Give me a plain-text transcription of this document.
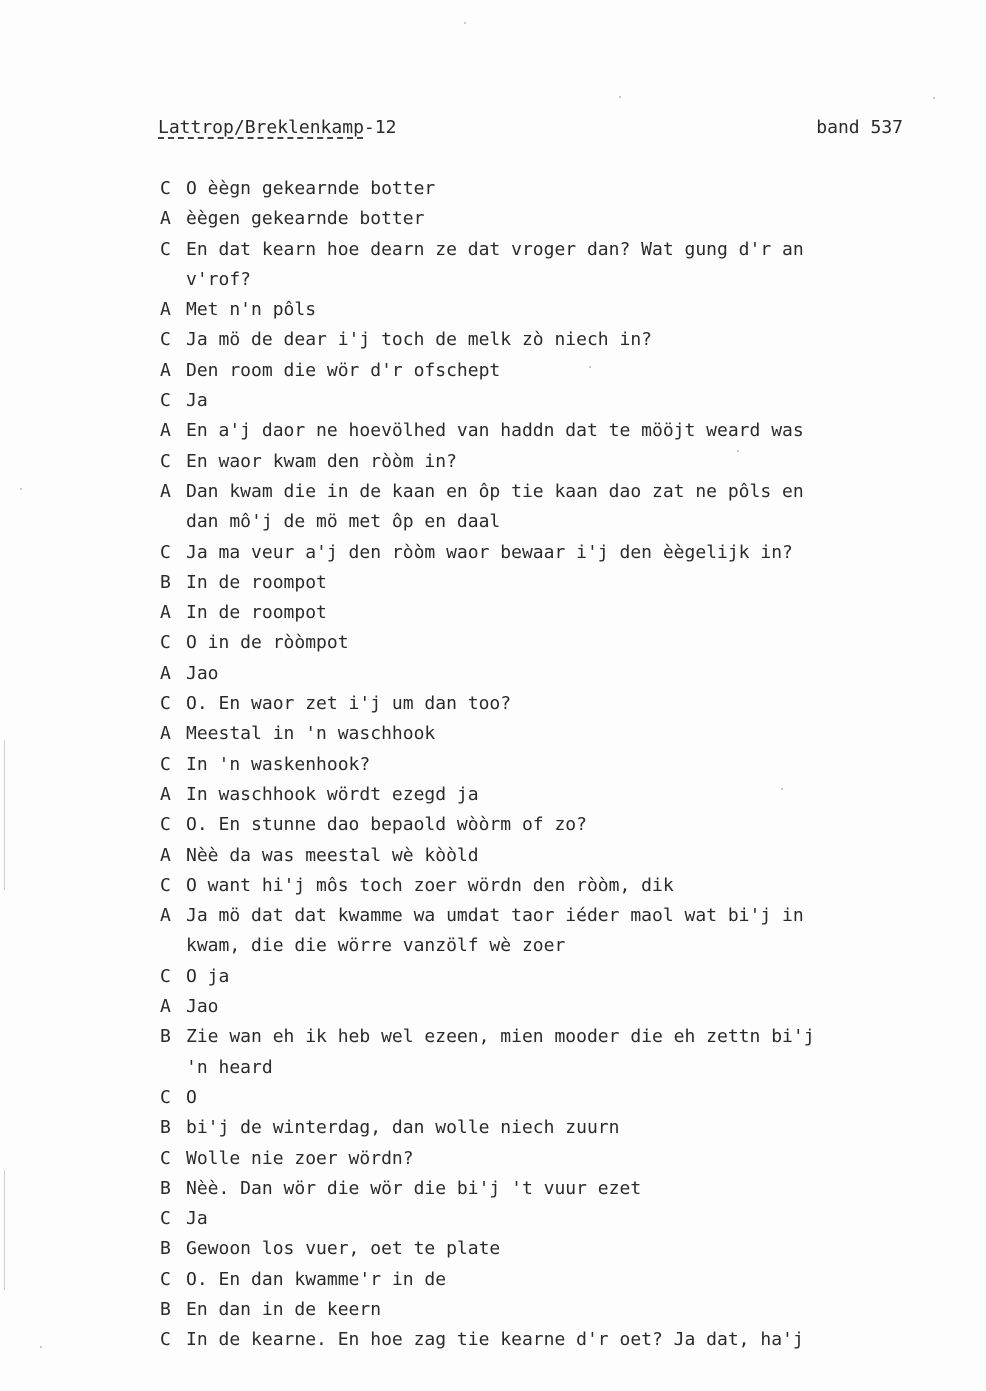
Lattrop/Breklenkamp-12	band 537
C O èègn gekearnde botter
A èègen gekearnde botter
C En dat kearn hoe dearn ze dat vroger dan? Wat gung d'r an
v'rof?
A Met n'n pôls
C Ja mö de dear i'j toch de melk zò niech in?
A Den room die wör d'r ofschept
C Ja
A En a'j daor ne hoevölhed van haddn dat te mööjt weard was
C En waor kwam den ròòm in?
A Dan kwam die in de kaan en ôp tie kaan dao zat ne pôls en
dan mô'j de mö met ôp en daal
C Ja ma veur a'j den ròòm waor bewaar i'j den èègelijk in?
B In de roompot
A In de roompot
C O in de ròòmpot
A Jao
C O. En waor zet i'j um dan too?
A Meestal in 'n waschhook
C In 'n waskenhook?
A In waschhook wördt ezegd ja
C O. En stunne dao bepaold wòòrm of zo?
A Nèè da was meestal wè kòòld
C O want hi'j môs toch zoer wördn den ròòm, dik
A Ja mö dat dat kwamme wa umdat taor iéder maol wat bi'j in
kwam, die die wörre vanzölf wè zoer
C O ja
A Jao
B Zie wan eh ik heb wel ezeen, mien mooder die eh zettn bi'j
'n heard
C O
B bi'j de winterdag, dan wolle niech zuurn
C Wolle nie zoer wördn?
B Nèè. Dan wör die wör die bi'j 't vuur ezet
C Ja
B Gewoon los vuer, oet te plate
C O. En dan kwamme'r in de
B En dan in de keern
C In de kearne. En hoe zag tie kearne d'r oet? Ja dat, ha'j
